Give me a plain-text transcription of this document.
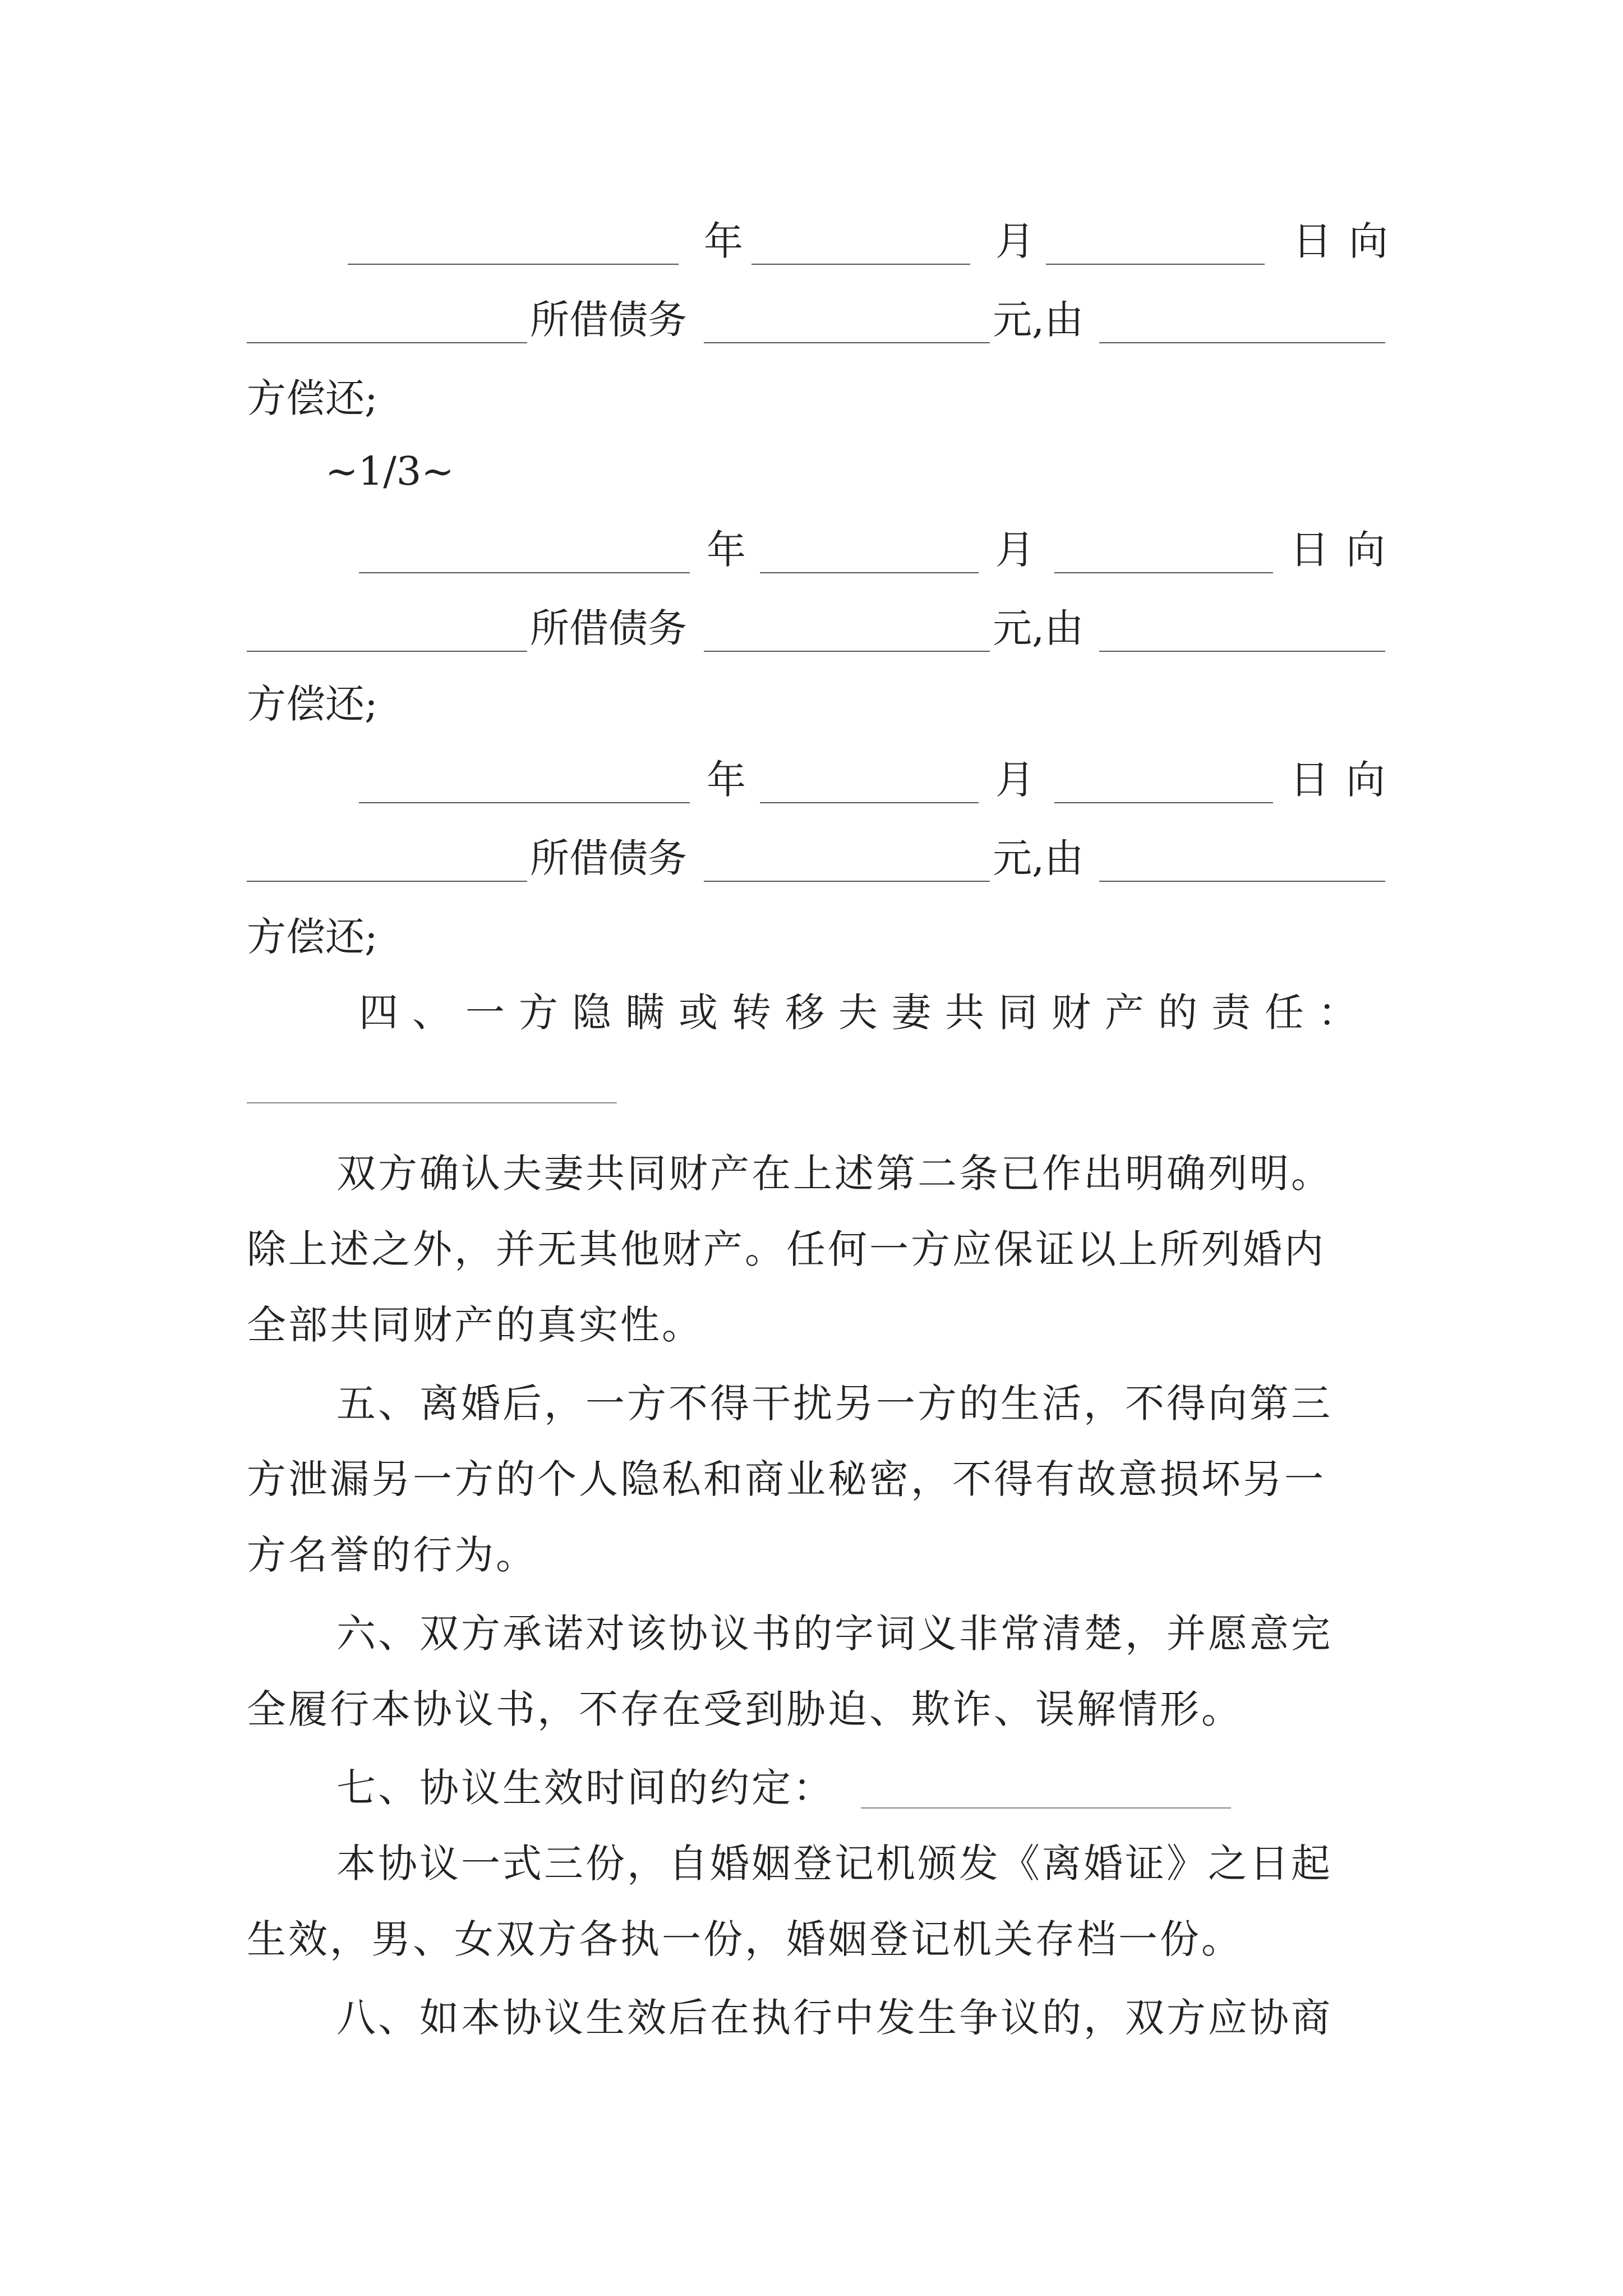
年	月	日向
所借债务	元,由
方偿还;
~1/3~
年	月	日向
所借债务	元,由
方偿还;
年	月	日向
所借债务	元,由
方偿还;
四 、 一 方 隐 瞒 或 转 移 夫 妻 共 同 财 产 的 责 任 ：
双方确认夫妻共同财产在上述第二条已作出明确列明。
除上述之外，并无其他财产。任何一方应保证以上所列婚内
全部共同财产的真实性。
五、离婚后，一方不得干扰另一方的生活，不得向第三
方泄漏另一方的个人隐私和商业秘密，不得有故意损坏另一
方名誉的行为。
六、双方承诺对该协议书的字词义非常清楚，并愿意完
全履行本协议书，不存在受到胁迫、欺诈、误解情形。
七、协议生效时间的约定：
本协议一式三份，自婚姻登记机颁发《离婚证》之日起
生效，男、女双方各执一份，婚姻登记机关存档一份。
八、如本协议生效后在执行中发生争议的，双方应协商
